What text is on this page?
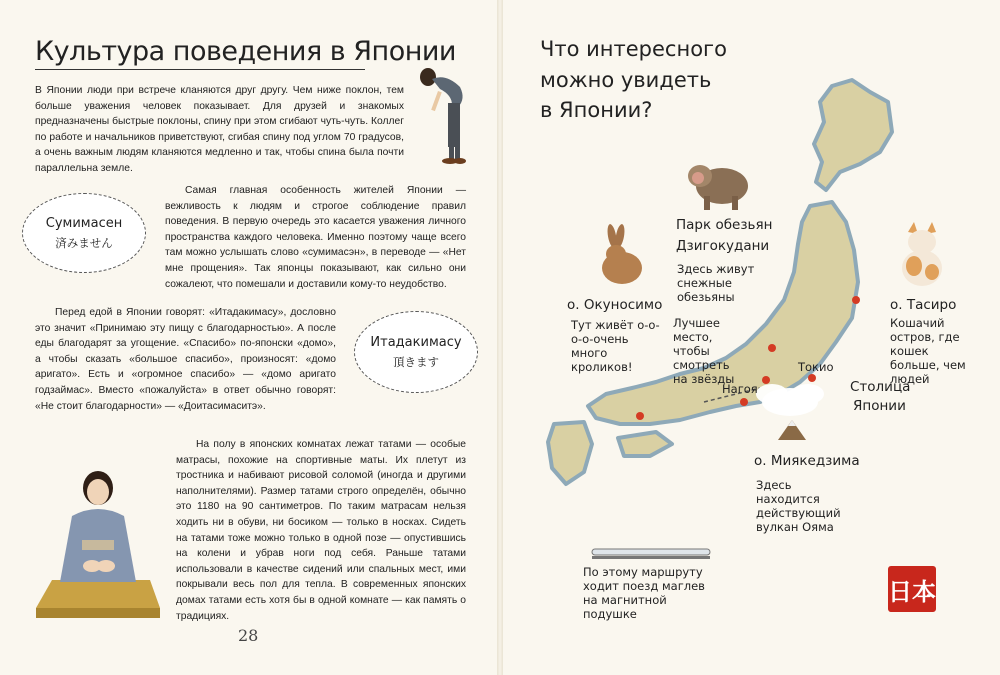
Культура поведения в Японии

В Японии люди при встрече кланяются друг другу. Чем ниже поклон, тем больше уважения человек показывает. Для друзей и знакомых предназначены быстрые поклоны, спину при этом сгибают чуть-чуть. Коллег по работе и начальников приветствуют, сгибая спину под углом 70 градусов, а очень важным людям кланяются медленно и так, чтобы спина была почти параллельна земле.

Самая главная особенность жителей Японии — вежливость к людям и строгое соблюдение правил поведения. В первую очередь это касается уважения личного пространства каждого человека. Именно поэтому чаще всего там можно услышать слово «сумимасэн», в переводе — «Нет мне прощения». Так японцы показывают, как сильно они сожалеют, что помешали и доставили кому-то неудобство.

Сумимасен
済みません

Перед едой в Японии говорят: «Итадакимасу», дословно это значит «Принимаю эту пищу с благодарностью». А после еды благодарят за угощение. «Спасибо» по-японски «домо», а чтобы сказать «большое спасибо», произносят: «домо аригато». Есть и «огромное спасибо» — «домо аригато годзаймас». Вместо «пожалуйста» в ответ обычно говорят: «Не стоит благодарности» — «Доитасимаситэ».

Итадакимасу
頂きます

На полу в японских комнатах лежат татами — особые матрасы, похожие на спортивные маты. Их плетут из тростника и набивают рисовой соломой (иногда и другими наполнителями). Размер татами строго определён, обычно это 1180 на 90 сантиметров. По таким матрасам нельзя ходить ни в обуви, ни босиком — только в носках. Сидеть на татами тоже можно только в одной позе — опустившись на колени и убрав ноги под себя. Раньше татами использовали в качестве сидений или спальных мест, ими покрывали весь пол для тепла. В современных японских домах татами есть хотя бы в одной комнате — как память о традициях.

28
Что интересного
можно увидеть
в Японии?
Парк обезьян
Дзигокудани
Здесь живут снежные обезьяны
о. Окуносимо
Тут живёт о-о-о-о-очень много кроликов!
Лучшее место, чтобы смотреть на звёзды
о. Тасиро
Кошачий остров, где кошек больше, чем людей
Токио
Нагоя	Столица
Японии
о. Миякедзима
Здесь находится действующий вулкан Ояма
По этому маршруту ходит поезд маглев на магнитной подушке
日本
